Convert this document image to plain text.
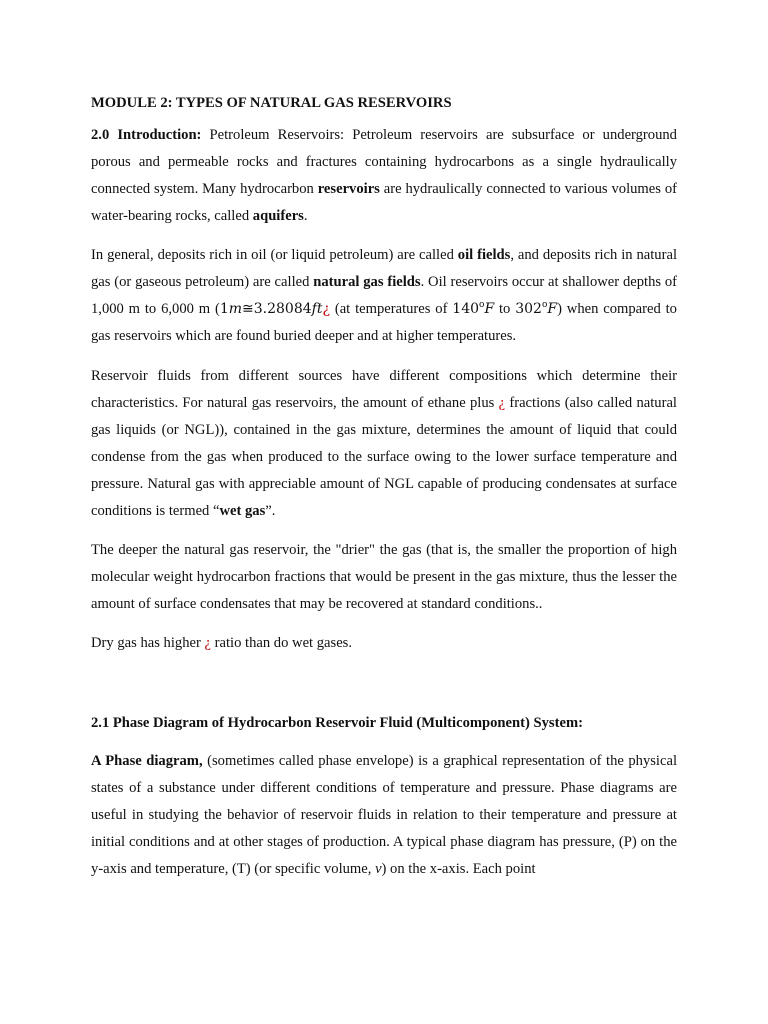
MODULE 2: TYPES OF NATURAL GAS RESERVOIRS

2.0 Introduction: Petroleum Reservoirs: Petroleum reservoirs are subsurface or underground porous and permeable rocks and fractures containing hydrocarbons as a single hydraulically connected system. Many hydrocarbon reservoirs are hydraulically connected to various volumes of water-bearing rocks, called aquifers.

In general, deposits rich in oil (or liquid petroleum) are called oil fields, and deposits rich in natural gas (or gaseous petroleum) are called natural gas fields. Oil reservoirs occur at shallower depths of 1,000 m to 6,000 m (1m≅3.28084ft¿ (at temperatures of 140$^o$F to 302$^o$F) when compared to gas reservoirs which are found buried deeper and at higher temperatures.

Reservoir fluids from different sources have different compositions which determine their characteristics. For natural gas reservoirs, the amount of ethane plus ¿ fractions (also called natural gas liquids (or NGL)), contained in the gas mixture, determines the amount of liquid that could condense from the gas when produced to the surface owing to the lower surface temperature and pressure. Natural gas with appreciable amount of NGL capable of producing condensates at surface conditions is termed “wet gas”.

The deeper the natural gas reservoir, the "drier" the gas (that is, the smaller the proportion of high molecular weight hydrocarbon fractions that would be present in the gas mixture, thus the lesser the amount of surface condensates that may be recovered at standard conditions..

Dry gas has higher ¿ ratio than do wet gases.

2.1 Phase Diagram of Hydrocarbon Reservoir Fluid (Multicomponent) System:

A Phase diagram, (sometimes called phase envelope) is a graphical representation of the physical states of a substance under different conditions of temperature and pressure. Phase diagrams are useful in studying the behavior of reservoir fluids in relation to their temperature and pressure at initial conditions and at other stages of production. A typical phase diagram has pressure, (P) on the y-axis and temperature, (T) (or specific volume, v) on the x-axis. Each point
